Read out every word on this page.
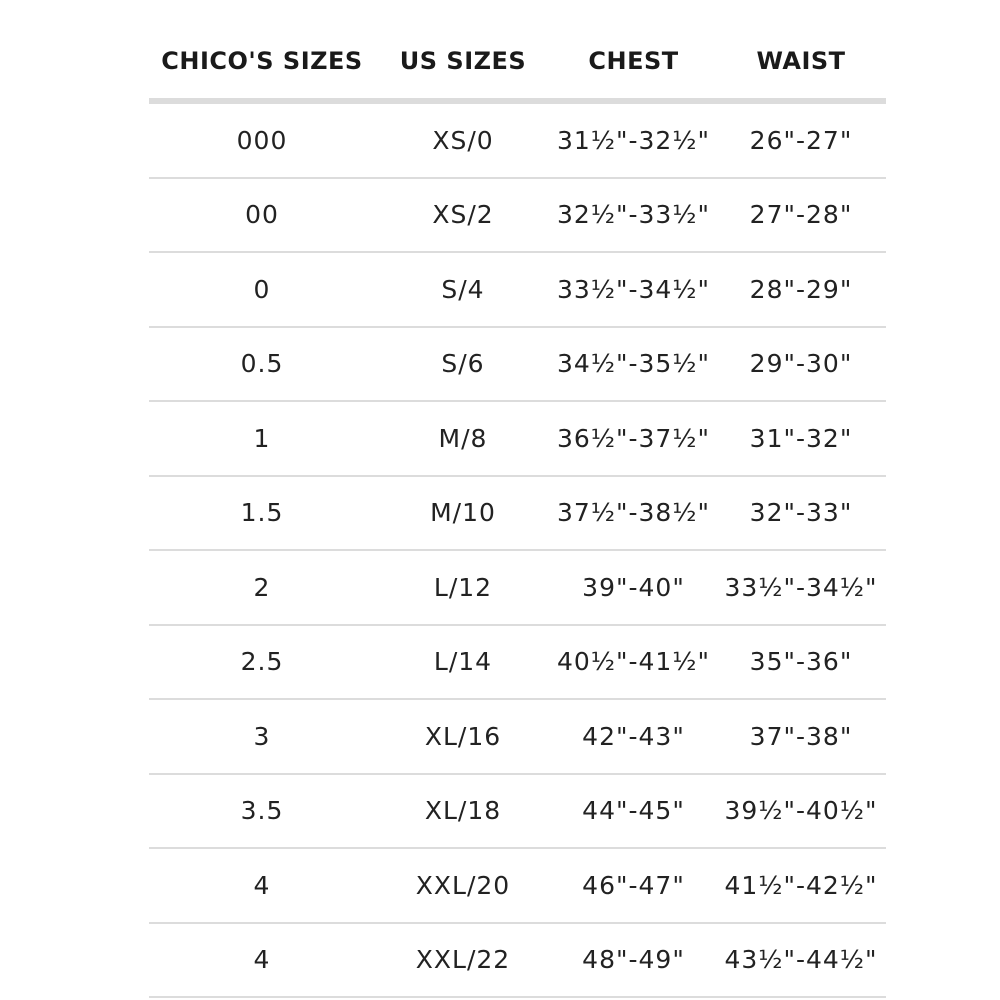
CHICO'S SIZES	US SIZES	CHEST	WAIST
000	XS/0	31½"-32½"	26"-27"
00	XS/2	32½"-33½"	27"-28"
0	S/4	33½"-34½"	28"-29"
0.5	S/6	34½"-35½"	29"-30"
1	M/8	36½"-37½"	31"-32"
1.5	M/10	37½"-38½"	32"-33"
2	L/12	39"-40"	33½"-34½"
2.5	L/14	40½"-41½"	35"-36"
3	XL/16	42"-43"	37"-38"
3.5	XL/18	44"-45"	39½"-40½"
4	XXL/20	46"-47"	41½"-42½"
4	XXL/22	48"-49"	43½"-44½"
